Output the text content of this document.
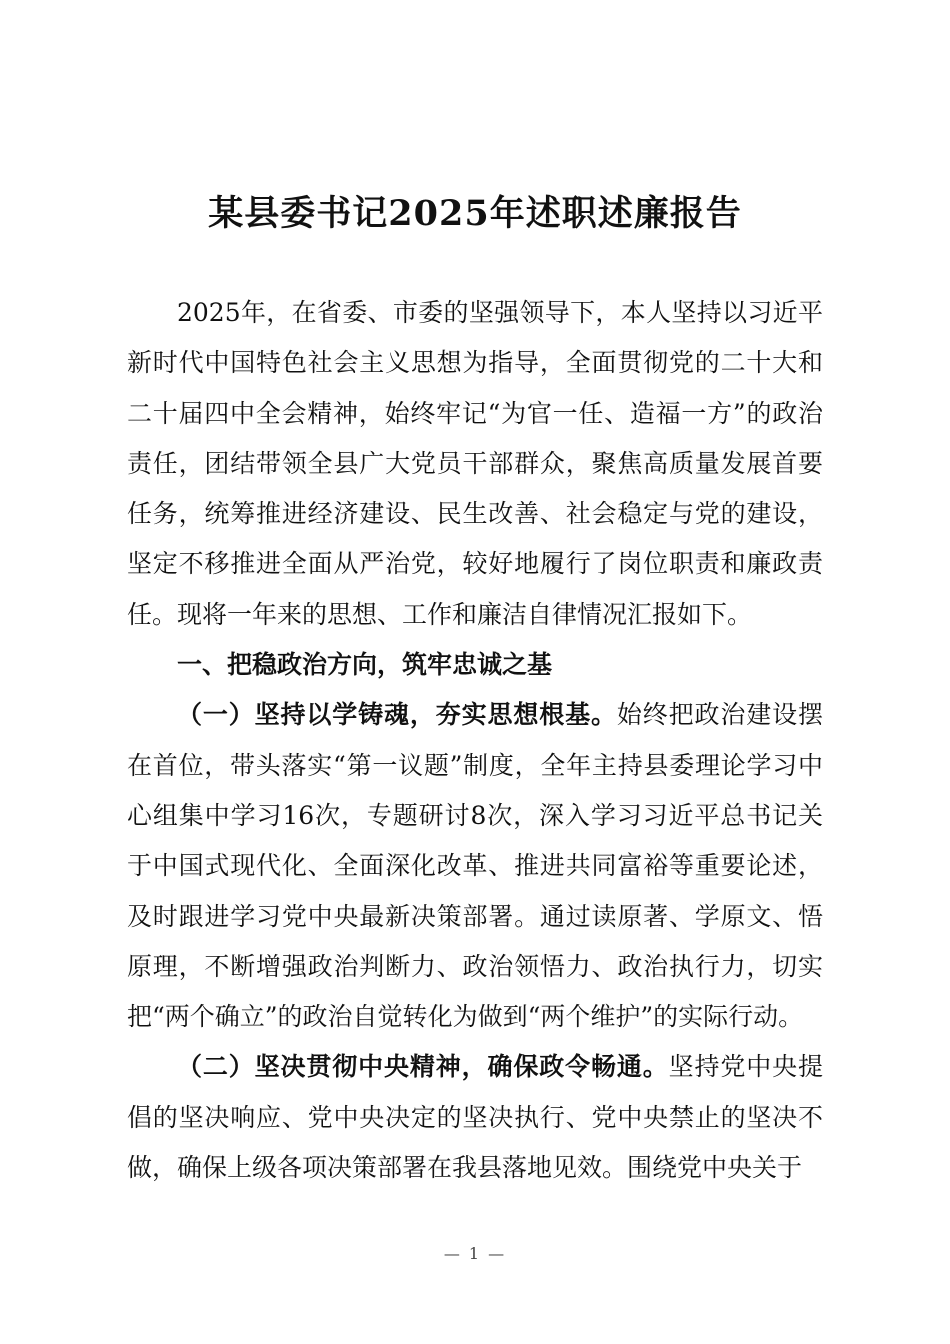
某县委书记2025年述职述廉报告

2025年，在省委、市委的坚强领导下，本人坚持以习近平新时代中国特色社会主义思想为指导，全面贯彻党的二十大和二十届四中全会精神，始终牢记“为官一任、造福一方”的政治责任，团结带领全县广大党员干部群众，聚焦高质量发展首要任务，统筹推进经济建设、民生改善、社会稳定与党的建设，坚定不移推进全面从严治党，较好地履行了岗位职责和廉政责任。现将一年来的思想、工作和廉洁自律情况汇报如下。

一、把稳政治方向，筑牢忠诚之基

（一）坚持以学铸魂，夯实思想根基。始终把政治建设摆在首位，带头落实“第一议题”制度，全年主持县委理论学习中心组集中学习16次，专题研讨8次，深入学习习近平总书记关于中国式现代化、全面深化改革、推进共同富裕等重要论述，及时跟进学习党中央最新决策部署。通过读原著、学原文、悟原理，不断增强政治判断力、政治领悟力、政治执行力，切实把“两个确立”的政治自觉转化为做到“两个维护”的实际行动。

（二）坚决贯彻中央精神，确保政令畅通。坚持党中央提倡的坚决响应、党中央决定的坚决执行、党中央禁止的坚决不做，确保上级各项决策部署在我县落地见效。围绕党中央关于

— 1 —
